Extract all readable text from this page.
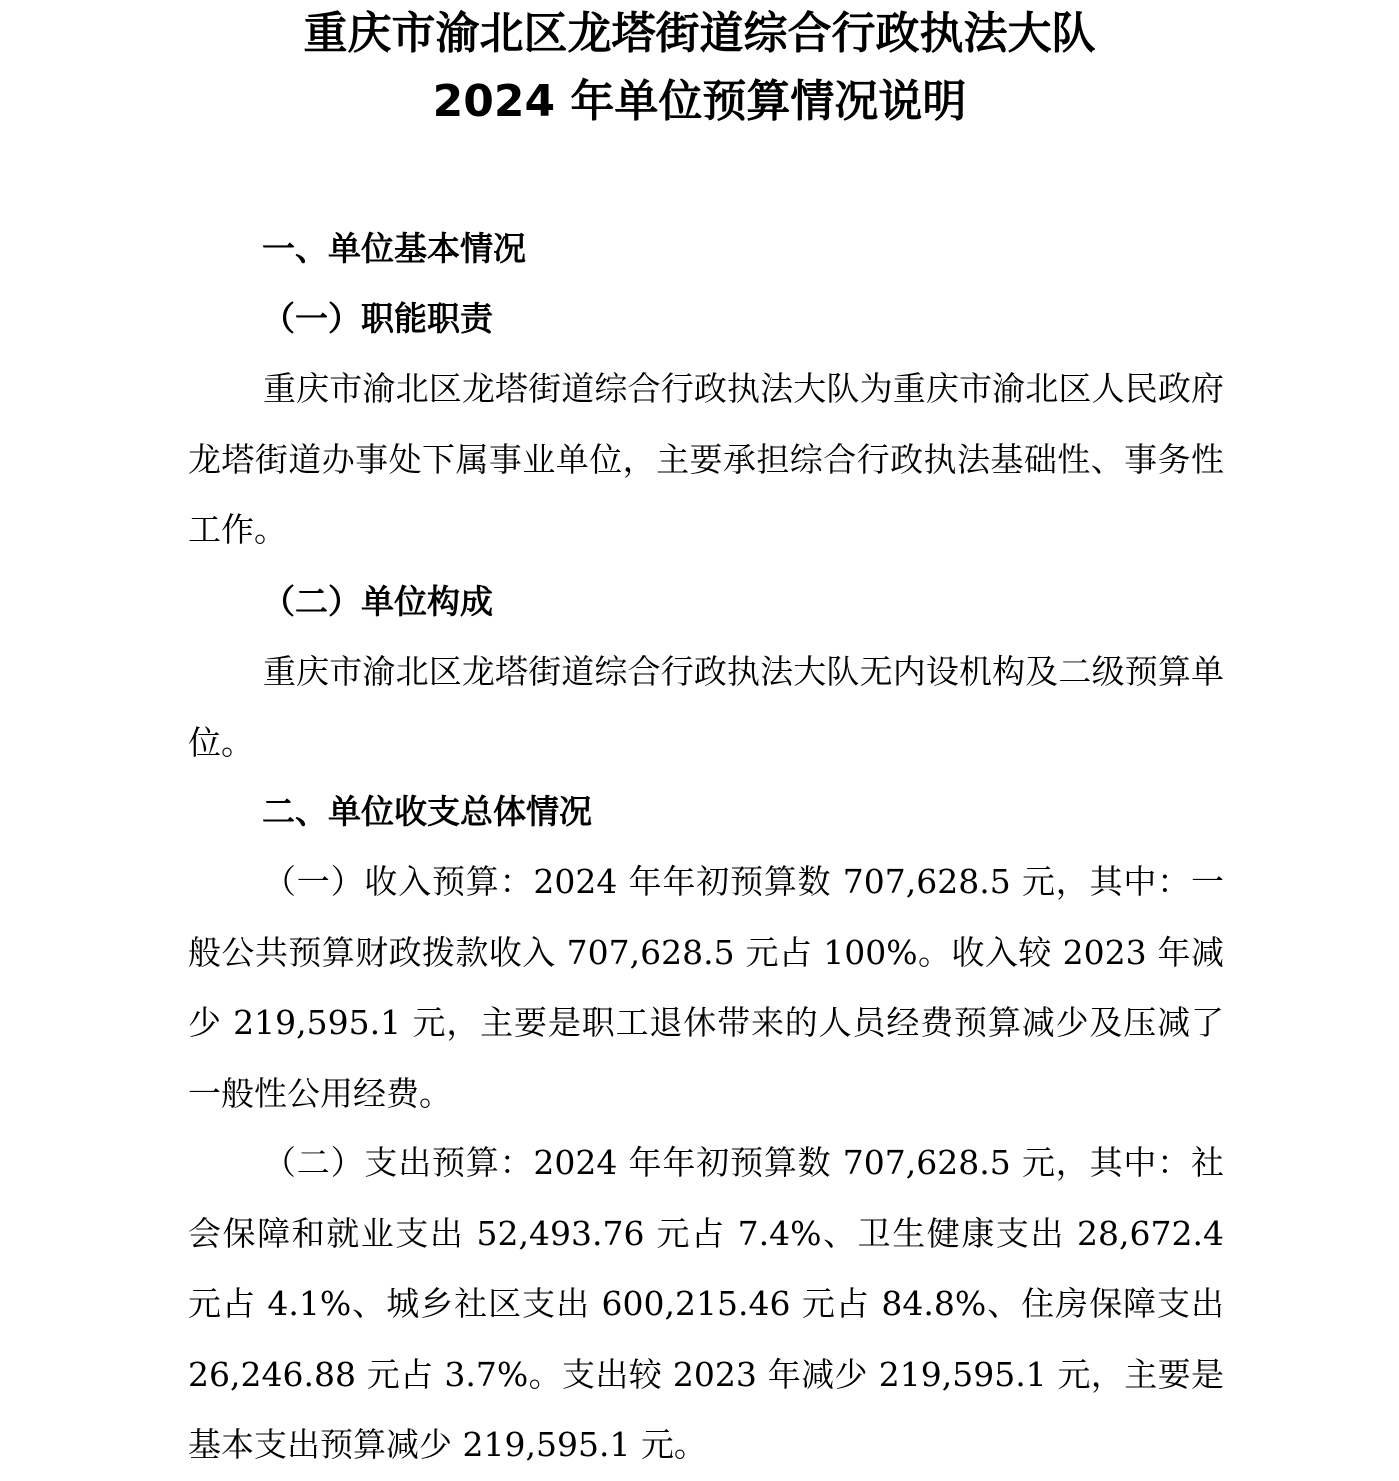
重庆市渝北区龙塔街道综合行政执法大队
2024 年单位预算情况说明
一、单位基本情况
（一）职能职责

重庆市渝北区龙塔街道综合行政执法大队为重庆市渝北区人民政府龙塔街道办事处下属事业单位，主要承担综合行政执法基础性、事务性工作。

（二）单位构成

重庆市渝北区龙塔街道综合行政执法大队无内设机构及二级预算单位。

二、单位收支总体情况

（一）收入预算：2024 年年初预算数 707,628.5 元，其中：一般公共预算财政拨款收入 707,628.5 元占 100%。收入较 2023 年减少 219,595.1 元，主要是职工退休带来的人员经费预算减少及压减了一般性公用经费。

（二）支出预算：2024 年年初预算数 707,628.5 元，其中：社会保障和就业支出 52,493.76 元占 7.4%、卫生健康支出 28,672.4 元占 4.1%、城乡社区支出 600,215.46 元占 84.8%、住房保障支出 26,246.88 元占 3.7%。支出较 2023 年减少 219,595.1 元，主要是基本支出预算减少 219,595.1 元。
